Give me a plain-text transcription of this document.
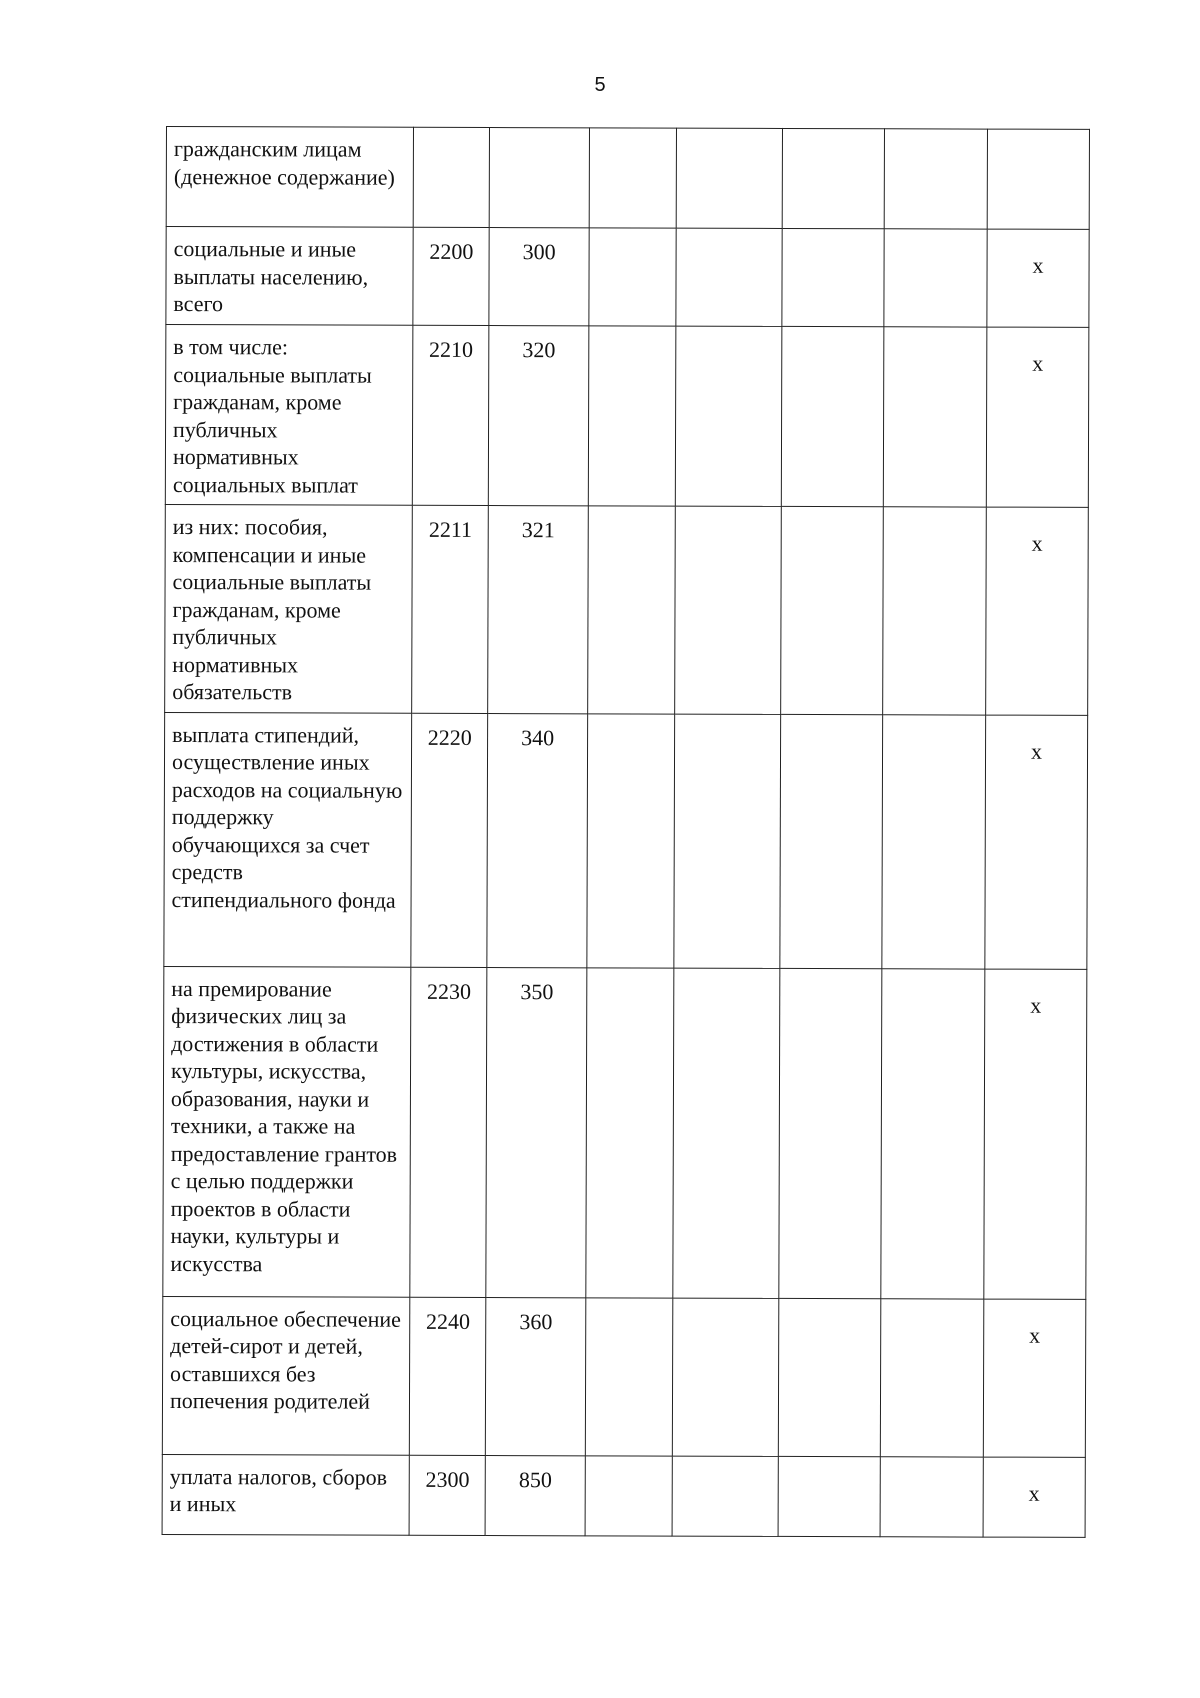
5
гражданским лицам (денежное содержание)							
социальные и иные выплаты населению, всего	2200	300					x
в том числе: социальные выплаты гражданам, кроме публичных нормативных социальных выплат	2210	320					x
из них: пособия, компенсации и иные социальные выплаты гражданам, кроме публичных нормативных обязательств	2211	321					x
выплата стипендий, осуществление иных расходов на социальную поддержку обучающихся за счет средств стипендиального фонда	2220	340					x
на премирование физических лиц за достижения в области культуры, искусства, образования, науки и техники, а также на предоставление грантов с целью поддержки проектов в области науки, культуры и искусства	2230	350					x
социальное обеспечение детей-сирот и детей, оставшихся без попечения родителей	2240	360					x
уплата налогов, сборов и иных	2300	850					x
